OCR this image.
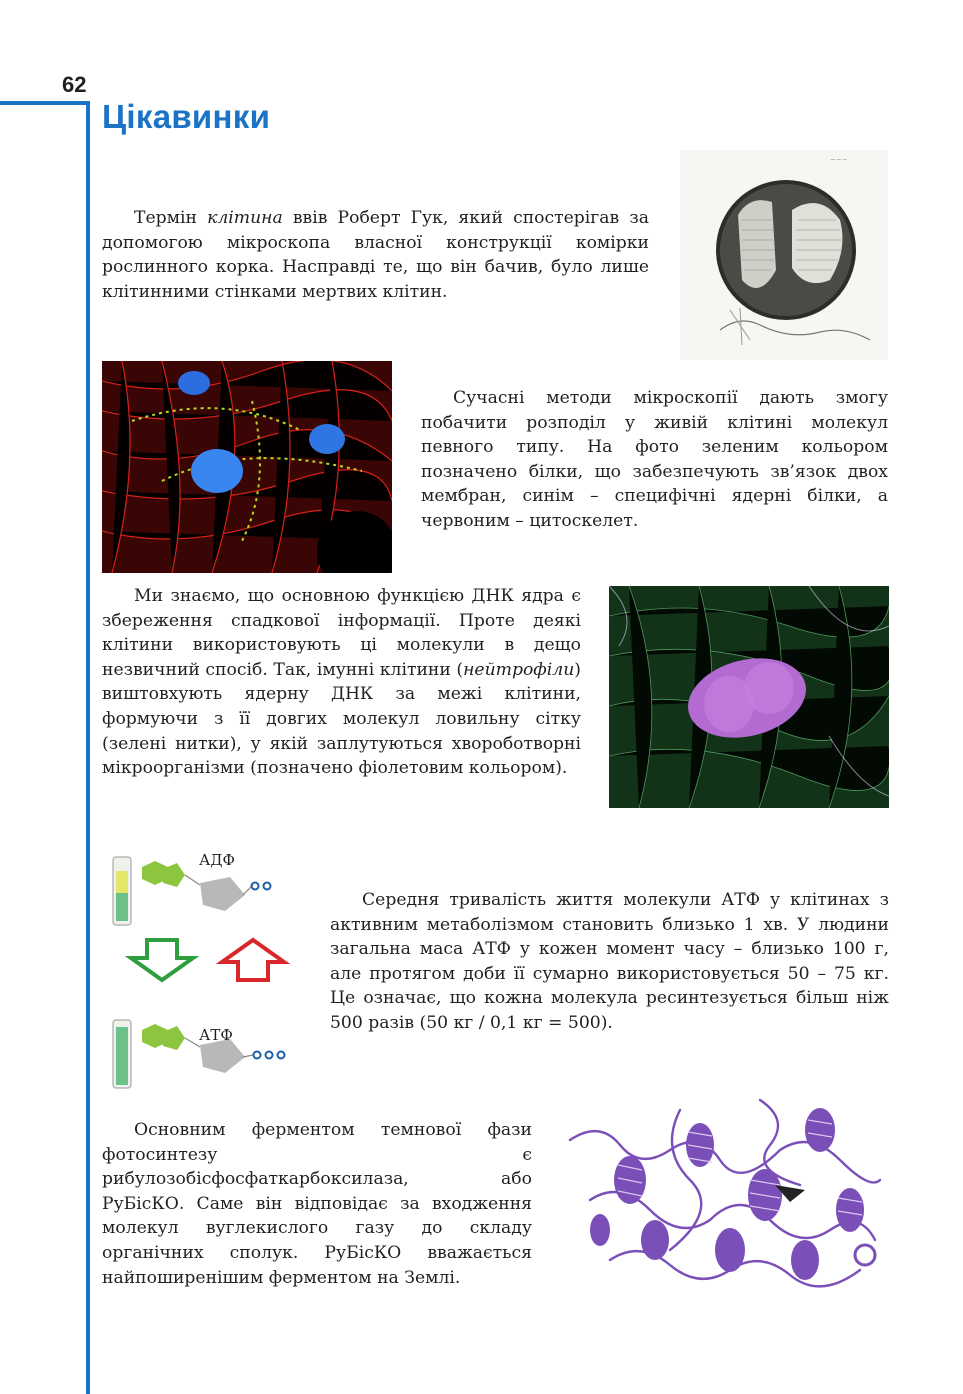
62
Цікавинки
~~~

Термін клітина ввів Роберт Гук, який спостерігав за допомогою мікроскопа власної конструкції комірки рослинного корка. Насправді те, що він бачив, було лише клітинними стінками мертвих клітин.

Сучасні методи мікроскопії дають змогу побачити розподіл у живій клітині молекул певного типу. На фото зеленим кольором позначено білки, що забезпечують зв’язок двох мембран, синім – специфічні ядерні білки, а червоним – цитоскелет.

Ми знаємо, що основною функцією ДНК ядра є збереження спадкової інформації. Проте деякі клітини використовують ці молекули в дещо незвичний спосіб. Так, імунні клітини (нейтрофіли) виштовхують ядерну ДНК за межі клітини, формуючи з її довгих молекул ловильну сітку (зелені нитки), у якій заплутуються хвороботворні мікроорганізми (позначено фіолетовим кольором).

АДФ
АТФ

Середня тривалість життя молекули АТФ у клітинах з активним метаболізмом становить близько 1 хв. У людини загальна маса АТФ у кожен момент часу – близько 100 г, але протягом доби її сумарно використовується 50 – 75 кг. Це означає, що кожна молекула ресинтезується більш ніж 500 разів (50 кг / 0,1 кг = 500).

Основним ферментом темнової фази фотосинтезу є рибулозобісфосфаткарбоксилаза, або РуБісКО. Саме він відповідає за входження молекул вуглекислого газу до складу органічних сполук. РуБісКО вважається найпоширенішим ферментом на Землі.
